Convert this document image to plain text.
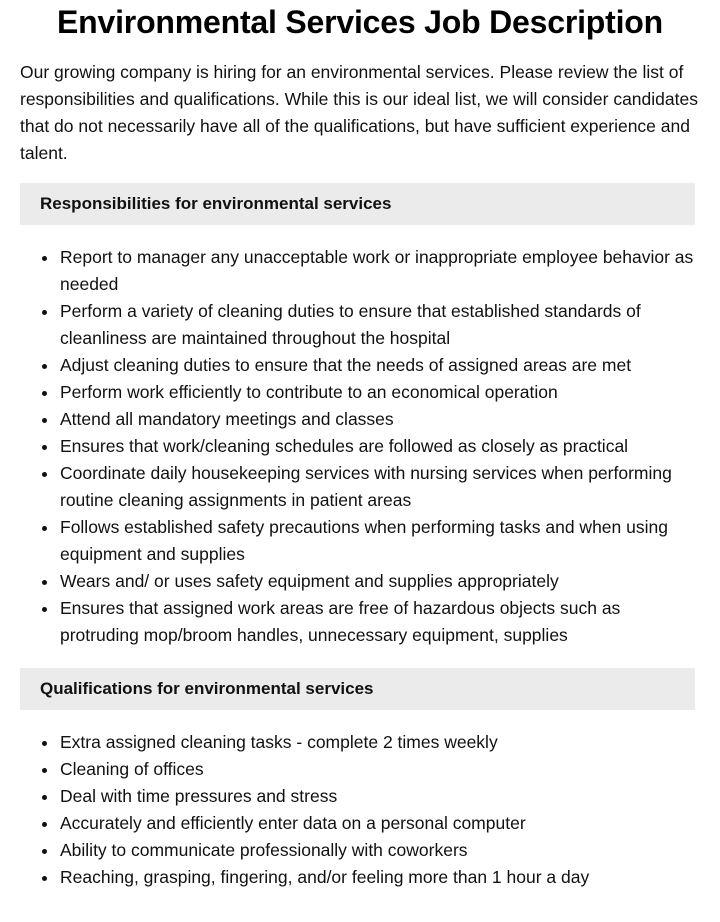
Environmental Services Job Description

Our growing company is hiring for an environmental services. Please review the list of responsibilities and qualifications. While this is our ideal list, we will consider candidates that do not necessarily have all of the qualifications, but have sufficient experience and talent.

Responsibilities for environmental services
Report to manager any unacceptable work or inappropriate employee behavior as needed
Perform a variety of cleaning duties to ensure that established standards of cleanliness are maintained throughout the hospital
Adjust cleaning duties to ensure that the needs of assigned areas are met
Perform work efficiently to contribute to an economical operation
Attend all mandatory meetings and classes
Ensures that work/cleaning schedules are followed as closely as practical
Coordinate daily housekeeping services with nursing services when performing routine cleaning assignments in patient areas
Follows established safety precautions when performing tasks and when using equipment and supplies
Wears and/ or uses safety equipment and supplies appropriately
Ensures that assigned work areas are free of hazardous objects such as protruding mop/broom handles, unnecessary equipment, supplies
Qualifications for environmental services
Extra assigned cleaning tasks - complete 2 times weekly
Cleaning of offices
Deal with time pressures and stress
Accurately and efficiently enter data on a personal computer
Ability to communicate professionally with coworkers
Reaching, grasping, fingering, and/or feeling more than 1 hour a day
